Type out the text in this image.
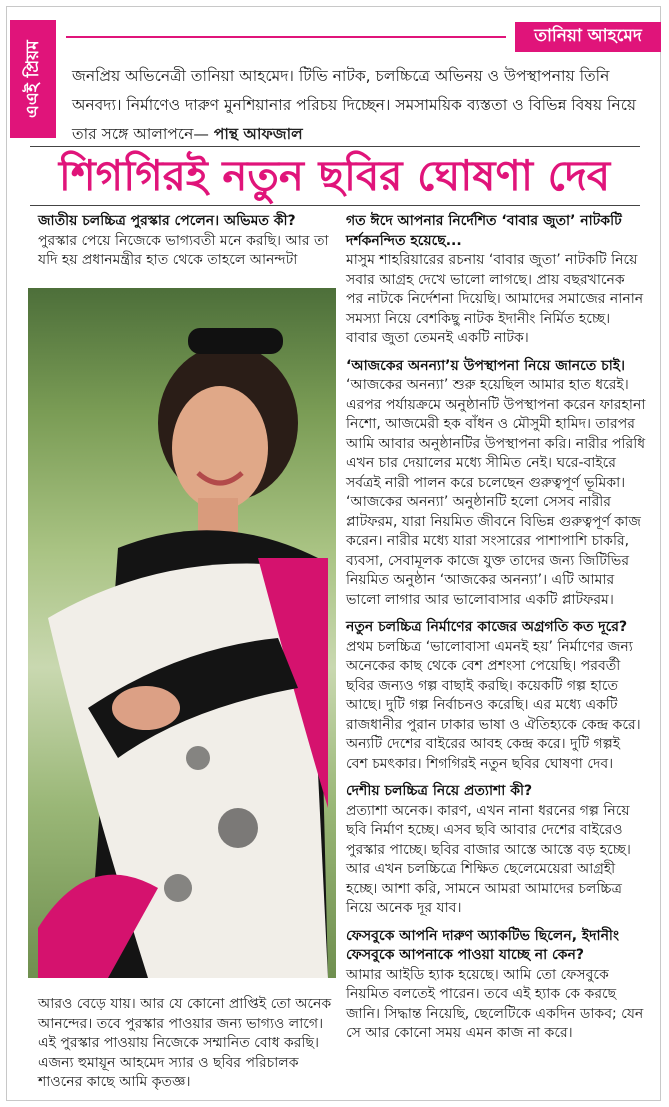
এএই প্রিয়ম
তানিয়া আহমেদ
জনপ্রিয় অভিনেত্রী তানিয়া আহমেদ। টিভি নাটক, চলচ্চিত্রে অভিনয় ও উপস্থাপনায় তিনি অনবদ্য। নির্মাণেও দারুণ মুনশিয়ানার পরিচয় দিচ্ছেন। সমসাময়িক ব্যস্ততা ও বিভিন্ন বিষয় নিয়ে তার সঙ্গে আলাপনে— পান্থ আফজাল
শিগগিরই নতুন ছবির ঘোষণা দেব

জাতীয় চলচ্চিত্র পুরস্কার পেলেন। অভিমত কী?

পুরস্কার পেয়ে নিজেকে ভাগ্যবতী মনে করছি। আর তা যদি হয় প্রধানমন্ত্রীর হাত থেকে তাহলে আনন্দটা

আরও বেড়ে যায়। আর যে কোনো প্রাপ্তিই তো অনেক আনন্দের। তবে পুরস্কার পাওয়ার জন্য ভাগ্যও লাগে। এই পুরস্কার পাওয়ায় নিজেকে সম্মানিত বোধ করছি। এজন্য হুমায়ূন আহমেদ স্যার ও ছবির পরিচালক শাওনের কাছে আমি কৃতজ্ঞ।

গত ঈদে আপনার নির্দেশিত ‘বাবার জুতা’ নাটকটি দর্শকনন্দিত হয়েছে...

মাসুম শাহরিয়ারের রচনায় ‘বাবার জুতা’ নাটকটি নিয়ে সবার আগ্রহ দেখে ভালো লাগছে। প্রায় বছরখানেক পর নাটকে নির্দেশনা দিয়েছি। আমাদের সমাজের নানান সমস্যা নিয়ে বেশকিছু নাটক ইদানীং নির্মিত হচ্ছে। বাবার জুতা তেমনই একটি নাটক।

‘আজকের অনন্যা’য় উপস্থাপনা নিয়ে জানতে চাই।

‘আজকের অনন্যা’ শুরু হয়েছিল আমার হাত ধরেই। এরপর পর্যায়ক্রমে অনুষ্ঠানটি উপস্থাপনা করেন ফারহানা নিশো, আজমেরী হক বাঁধন ও মৌসুমী হামিদ। তারপর আমি আবার অনুষ্ঠানটির উপস্থাপনা করি। নারীর পরিধি এখন চার দেয়ালের মধ্যে সীমিত নেই। ঘরে-বাইরে সর্বত্রই নারী পালন করে চলেছেন গুরুত্বপূর্ণ ভূমিকা। ‘আজকের অনন্যা’ অনুষ্ঠানটি হলো সেসব নারীর প্লাটফরম, যারা নিয়মিত জীবনে বিভিন্ন গুরুত্বপূর্ণ কাজ করেন। নারীর মধ্যে যারা সংসারের পাশাপাশি চাকরি, ব্যবসা, সেবামূলক কাজে যুক্ত তাদের জন্য জিটিভির নিয়মিত অনুষ্ঠান ‘আজকের অনন্যা’। এটি আমার ভালো লাগার আর ভালোবাসার একটি প্লাটফরম।

নতুন চলচ্চিত্র নির্মাণের কাজের অগ্রগতি কত দূরে?

প্রথম চলচ্চিত্র ‘ভালোবাসা এমনই হয়’ নির্মাণের জন্য অনেকের কাছ থেকে বেশ প্রশংসা পেয়েছি। পরবর্তী ছবির জন্যও গল্প বাছাই করছি। কয়েকটি গল্প হাতে আছে। দুটি গল্প নির্বাচনও করেছি। এর মধ্যে একটি রাজধানীর পুরান ঢাকার ভাষা ও ঐতিহ্যকে কেন্দ্র করে। অন্যটি দেশের বাইরের আবহ কেন্দ্র করে। দুটি গল্পই বেশ চমৎকার। শিগগিরই নতুন ছবির ঘোষণা দেব।

দেশীয় চলচ্চিত্র নিয়ে প্রত্যাশা কী?

প্রত্যাশা অনেক। কারণ, এখন নানা ধরনের গল্প নিয়ে ছবি নির্মাণ হচ্ছে। এসব ছবি আবার দেশের বাইরেও পুরস্কার পাচ্ছে। ছবির বাজার আস্তে আস্তে বড় হচ্ছে। আর এখন চলচ্চিত্রে শিক্ষিত ছেলেমেয়েরা আগ্রহী হচ্ছে। আশা করি, সামনে আমরা আমাদের চলচ্চিত্র নিয়ে অনেক দূর যাব।

ফেসবুকে আপনি দারুণ অ্যাকটিভ ছিলেন, ইদানীং ফেসবুকে আপনাকে পাওয়া যাচ্ছে না কেন?

আমার আইডি হ্যাক হয়েছে। আমি তো ফেসবুকে নিয়মিত বলতেই পারেন। তবে এই হ্যাক কে করছে জানি। সিদ্ধান্ত নিয়েছি, ছেলেটিকে একদিন ডাকব; যেন সে আর কোনো সময় এমন কাজ না করে।
